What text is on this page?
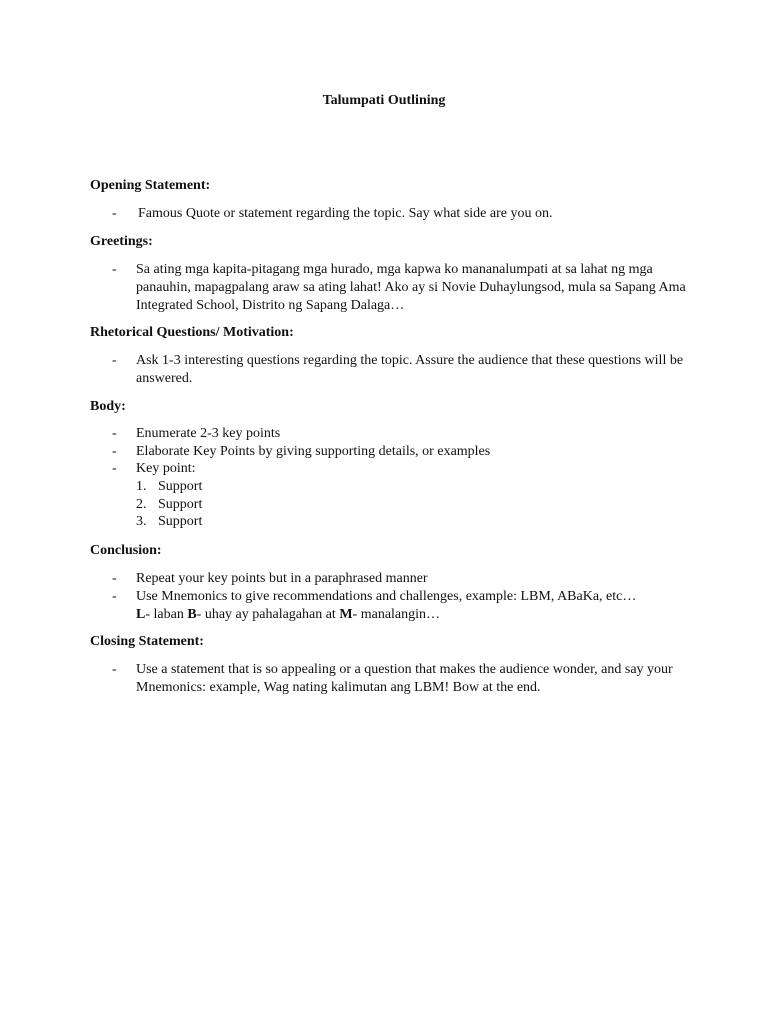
Talumpati Outlining
Opening Statement:
- Famous Quote or statement regarding the topic. Say what side are you on.
Greetings:
- Sa ating mga kapita-pitagang mga hurado, mga kapwa ko mananalumpati at sa lahat ng mga
panauhin, mapagpalang araw sa ating lahat! Ako ay si Novie Duhaylungsod, mula sa Sapang Ama
Integrated School, Distrito ng Sapang Dalaga…
Rhetorical Questions/ Motivation:
- Ask 1-3 interesting questions regarding the topic. Assure the audience that these questions will be
answered.
Body:
- Enumerate 2-3 key points
- Elaborate Key Points by giving supporting details, or examples
- Key point:
1. Support
2. Support
3. Support
Conclusion:
- Repeat your key points but in a paraphrased manner
- Use Mnemonics to give recommendations and challenges, example: LBM, ABaKa, etc…
L- laban B- uhay ay pahalagahan at M- manalangin…
Closing Statement:
- Use a statement that is so appealing or a question that makes the audience wonder, and say your
Mnemonics: example, Wag nating kalimutan ang LBM! Bow at the end.
